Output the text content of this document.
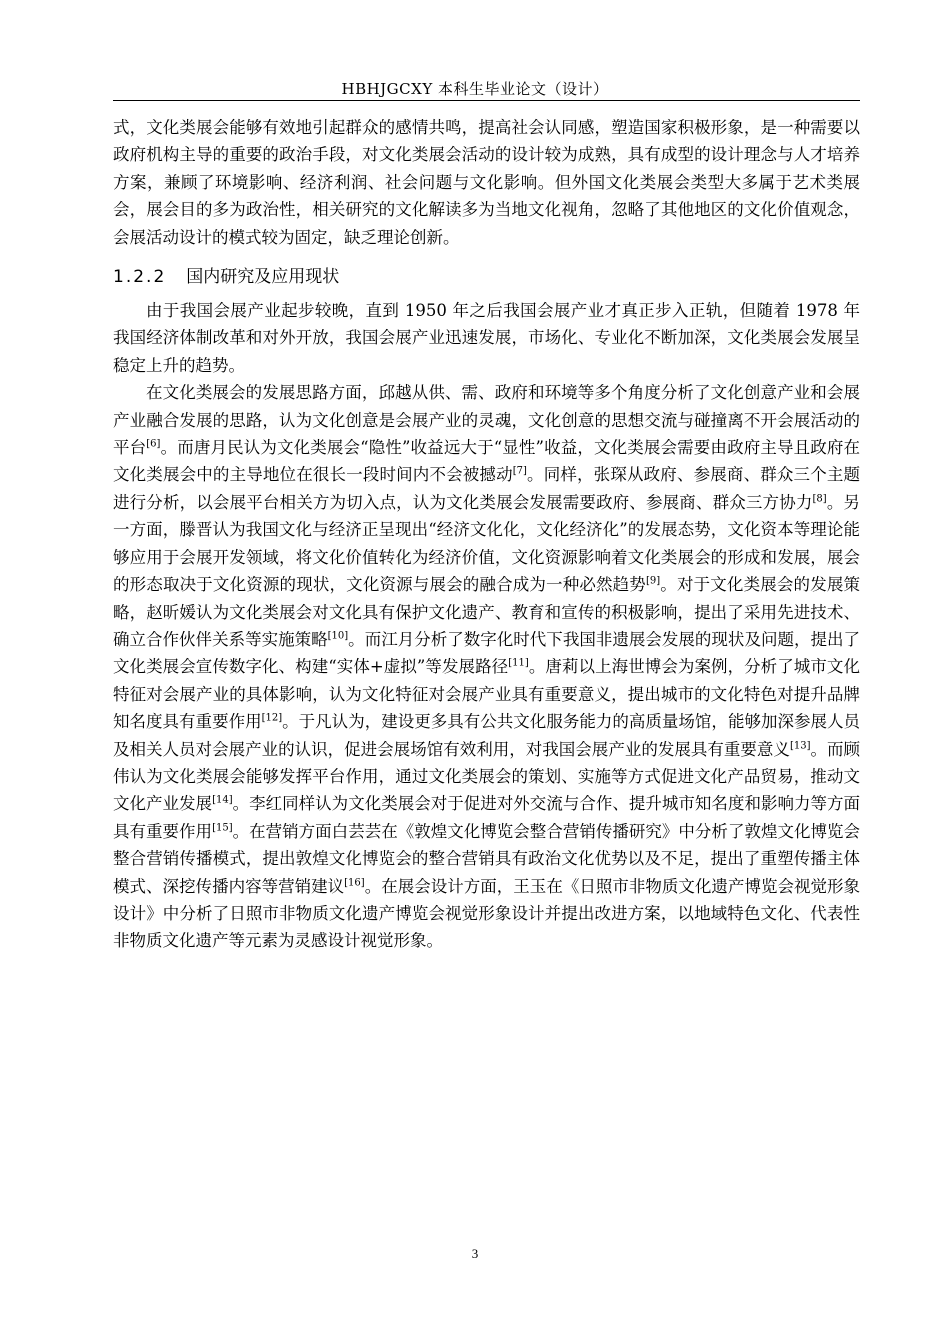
HBHJGCXY 本科生毕业论文（设计）

式，文化类展会能够有效地引起群众的感情共鸣，提高社会认同感，塑造国家积极形象，是一种需要以政府机构主导的重要的政治手段，对文化类展会活动的设计较为成熟，具有成型的设计理念与人才培养方案，兼顾了环境影响、经济利润、社会问题与文化影响。但外国文化类展会类型大多属于艺术类展会，展会目的多为政治性，相关研究的文化解读多为当地文化视角，忽略了其他地区的文化价值观念，会展活动设计的模式较为固定，缺乏理论创新。

1.2.2 国内研究及应用现状

由于我国会展产业起步较晚，直到 1950 年之后我国会展产业才真正步入正轨，但随着 1978 年我国经济体制改革和对外开放，我国会展产业迅速发展，市场化、专业化不断加深，文化类展会发展呈稳定上升的趋势。

在文化类展会的发展思路方面，邱越从供、需、政府和环境等多个角度分析了文化创意产业和会展产业融合发展的思路，认为文化创意是会展产业的灵魂，文化创意的思想交流与碰撞离不开会展活动的平台[6]。而唐月民认为文化类展会“隐性”收益远大于“显性”收益，文化类展会需要由政府主导且政府在文化类展会中的主导地位在很长一段时间内不会被撼动[7]。同样，张琛从政府、参展商、群众三个主题进行分析，以会展平台相关方为切入点，认为文化类展会发展需要政府、参展商、群众三方协力[8]。另一方面，滕晋认为我国文化与经济正呈现出“经济文化化，文化经济化”的发展态势，文化资本等理论能够应用于会展开发领域，将文化价值转化为经济价值，文化资源影响着文化类展会的形成和发展，展会的形态取决于文化资源的现状，文化资源与展会的融合成为一种必然趋势[9]。对于文化类展会的发展策略，赵昕媛认为文化类展会对文化具有保护文化遗产、教育和宣传的积极影响，提出了采用先进技术、确立合作伙伴关系等实施策略[10]。而江月分析了数字化时代下我国非遗展会发展的现状及问题，提出了文化类展会宣传数字化、构建“实体+虚拟”等发展路径[11]。唐莉以上海世博会为案例，分析了城市文化特征对会展产业的具体影响，认为文化特征对会展产业具有重要意义，提出城市的文化特色对提升品牌知名度具有重要作用[12]。于凡认为，建设更多具有公共文化服务能力的高质量场馆，能够加深参展人员及相关人员对会展产业的认识，促进会展场馆有效利用，对我国会展产业的发展具有重要意义[13]。而顾伟认为文化类展会能够发挥平台作用，通过文化类展会的策划、实施等方式促进文化产品贸易，推动文文化产业发展[14]。李红同样认为文化类展会对于促进对外交流与合作、提升城市知名度和影响力等方面具有重要作用[15]。在营销方面白芸芸在《敦煌文化博览会整合营销传播研究》中分析了敦煌文化博览会整合营销传播模式，提出敦煌文化博览会的整合营销具有政治文化优势以及不足，提出了重塑传播主体模式、深挖传播内容等营销建议[16]。在展会设计方面，王玉在《日照市非物质文化遗产博览会视觉形象设计》中分析了日照市非物质文化遗产博览会视觉形象设计并提出改进方案，以地域特色文化、代表性非物质文化遗产等元素为灵感设计视觉形象。

3
